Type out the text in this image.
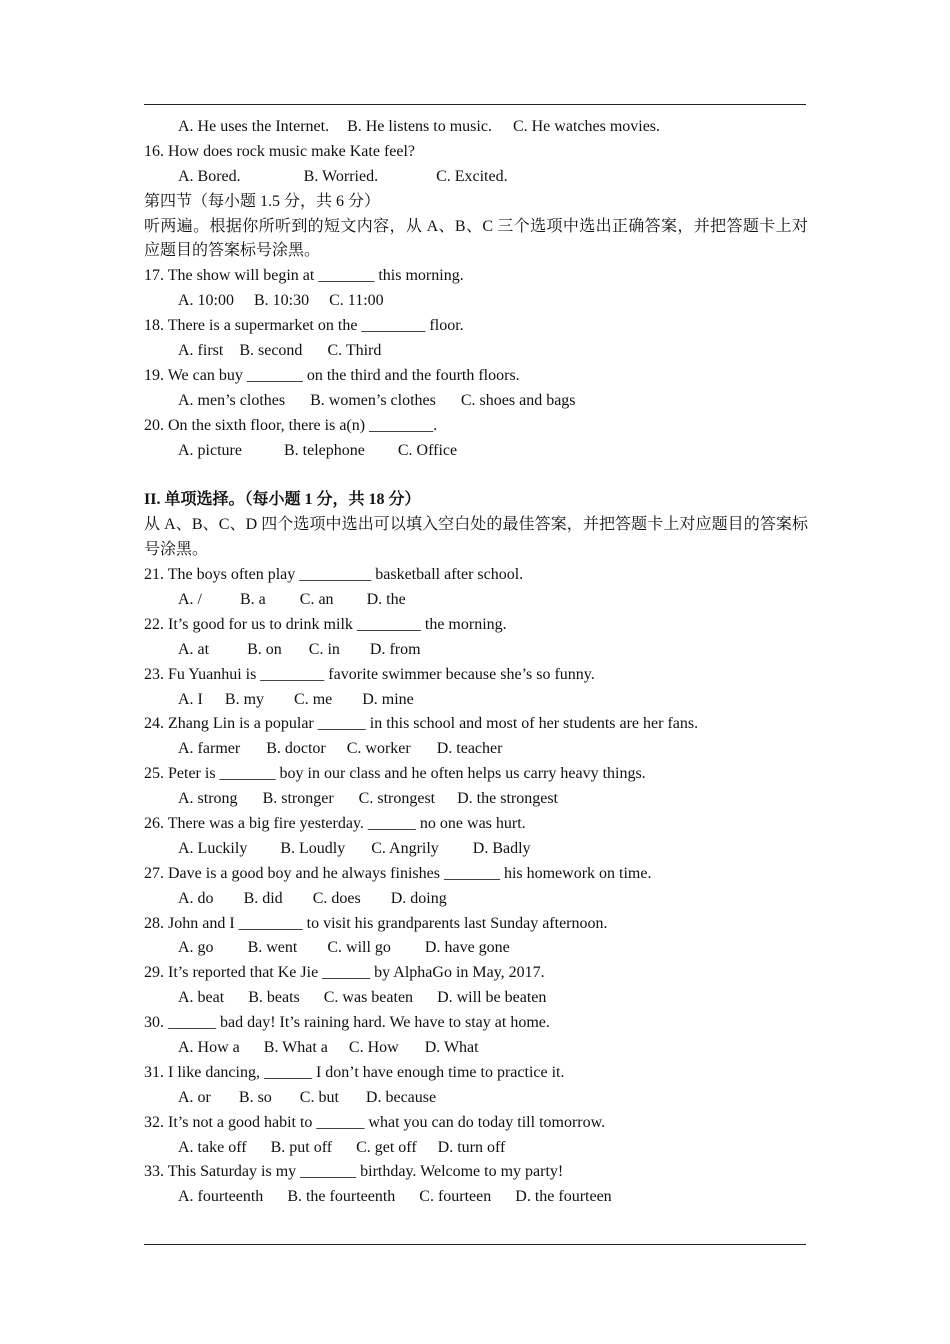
A. He uses the Internet. B. He listens to music. C. He watches movies.
16. How does rock music make Kate feel?
A. Bored.	B. Worried.	C. Excited.
第四节（每小题 1.5 分，共 6 分）
听两遍。根据你所听到的短文内容，从 A、B、C 三个选项中选出正确答案，并把答题卡上对应题目的答案标号涂黑。
17. The show will begin at _______ this morning.
A. 10:00 B. 10:30 C. 11:00
18. There is a supermarket on the ________ floor.
A. first B. second C. Third
19. We can buy _______ on the third and the fourth floors.
A. men’s clothes B. women’s clothes C. shoes and bags
20. On the sixth floor, there is a(n) ________.
A. picture	B. telephone C. Office
II. 单项选择。（每小题 1 分，共 18 分）
从 A、B、C、D 四个选项中选出可以填入空白处的最佳答案，并把答题卡上对应题目的答案标号涂黑。
21. The boys often play _________ basketball after school.
A. / B. a C. an D. the
22. It’s good for us to drink milk ________ the morning.
A. at B. on C. in D. from
23. Fu Yuanhui is ________ favorite swimmer because she’s so funny.
A. I B. my C. me D. mine
24. Zhang Lin is a popular ______ in this school and most of her students are her fans.
A. farmer B. doctor C. worker D. teacher
25. Peter is _______ boy in our class and he often helps us carry heavy things.
A. strong B. stronger C. strongest D. the strongest
26. There was a big fire yesterday. ______ no one was hurt.
A. Luckily B. Loudly C. Angrily D. Badly
27. Dave is a good boy and he always finishes _______ his homework on time.
A. do B. did C. does D. doing
28. John and I ________ to visit his grandparents last Sunday afternoon.
A. go B. went C. will go D. have gone
29. It’s reported that Ke Jie ______ by AlphaGo in May, 2017.
A. beat B. beats C. was beaten D. will be beaten
30. ______ bad day! It’s raining hard. We have to stay at home.
A. How a B. What a C. How D. What
31. I like dancing, ______ I don’t have enough time to practice it.
A. or B. so C. but D. because
32. It’s not a good habit to ______ what you can do today till tomorrow.
A. take off B. put off C. get off D. turn off
33. This Saturday is my _______ birthday. Welcome to my party!
A. fourteenth B. the fourteenth C. fourteen D. the fourteen
